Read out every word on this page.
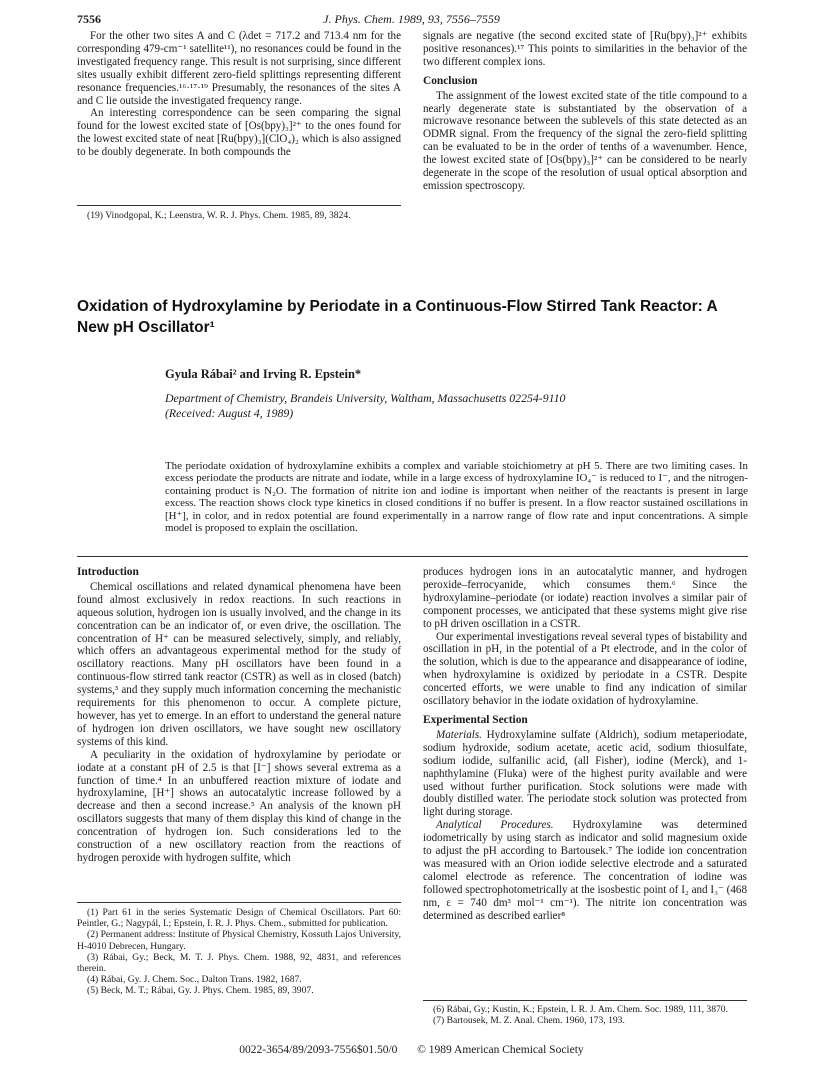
7556	J. Phys. Chem. 1989, 93, 7556–7559

For the other two sites A and C (λdet = 717.2 and 713.4 nm for the corresponding 479-cm⁻¹ satellite¹¹), no resonances could be found in the investigated frequency range. This result is not surprising, since different sites usually exhibit different zero-field splittings representing different resonance frequencies.¹⁶·¹⁷·¹⁹ Presumably, the resonances of the sites A and C lie outside the investigated frequency range.

An interesting correspondence can be seen comparing the signal found for the lowest excited state of [Os(bpy)₃]²⁺ to the ones found for the lowest excited state of neat [Ru(bpy)₃](ClO₄)₂ which is also assigned to be doubly degenerate. In both compounds the

(19) Vinodgopal, K.; Leenstra, W. R. J. Phys. Chem. 1985, 89, 3824.

signals are negative (the second excited state of [Ru(bpy)₃]²⁺ exhibits positive resonances).¹⁷ This points to similarities in the behavior of the two different complex ions.

Conclusion

The assignment of the lowest excited state of the title compound to a nearly degenerate state is substantiated by the observation of a microwave resonance between the sublevels of this state detected as an ODMR signal. From the frequency of the signal the zero-field splitting can be evaluated to be in the order of tenths of a wavenumber. Hence, the lowest excited state of [Os(bpy)₃]²⁺ can be considered to be nearly degenerate in the scope of the resolution of usual optical absorption and emission spectroscopy.

Oxidation of Hydroxylamine by Periodate in a Continuous-Flow Stirred Tank Reactor: A
New pH Oscillator¹
Gyula Rábai² and Irving R. Epstein*
Department of Chemistry, Brandeis University, Waltham, Massachusetts 02254-9110
(Received: August 4, 1989)

The periodate oxidation of hydroxylamine exhibits a complex and variable stoichiometry at pH 5. There are two limiting cases. In excess periodate the products are nitrate and iodate, while in a large excess of hydroxylamine IO₄⁻ is reduced to I⁻, and the nitrogen-containing product is N₂O. The formation of nitrite ion and iodine is important when neither of the reactants is present in large excess. The reaction shows clock type kinetics in closed conditions if no buffer is present. In a flow reactor sustained oscillations in [H⁺], in color, and in redox potential are found experimentally in a narrow range of flow rate and input concentrations. A simple model is proposed to explain the oscillation.

Introduction

Chemical oscillations and related dynamical phenomena have been found almost exclusively in redox reactions. In such reactions in aqueous solution, hydrogen ion is usually involved, and the change in its concentration can be an indicator of, or even drive, the oscillation. The concentration of H⁺ can be measured selectively, simply, and reliably, which offers an advantageous experimental method for the study of oscillatory reactions. Many pH oscillators have been found in a continuous-flow stirred tank reactor (CSTR) as well as in closed (batch) systems,³ and they supply much information concerning the mechanistic requirements for this phenomenon to occur. A complete picture, however, has yet to emerge. In an effort to understand the general nature of hydrogen ion driven oscillators, we have sought new oscillatory systems of this kind.

A peculiarity in the oxidation of hydroxylamine by periodate or iodate at a constant pH of 2.5 is that [I⁻] shows several extrema as a function of time.⁴ In an unbuffered reaction mixture of iodate and hydroxylamine, [H⁺] shows an autocatalytic increase followed by a decrease and then a second increase.⁵ An analysis of the known pH oscillators suggests that many of them display this kind of change in the concentration of hydrogen ion. Such considerations led to the construction of a new oscillatory reaction from the reactions of hydrogen peroxide with hydrogen sulfite, which

(1) Part 61 in the series Systematic Design of Chemical Oscillators. Part 60: Peintler, G.; Nagypál, I.; Epstein, I. R. J. Phys. Chem., submitted for publication.

(2) Permanent address: Institute of Physical Chemistry, Kossuth Lajos University, H-4010 Debrecen, Hungary.

(3) Rábai, Gy.; Beck, M. T. J. Phys. Chem. 1988, 92, 4831, and references therein.

(4) Rábai, Gy. J. Chem. Soc., Dalton Trans. 1982, 1687.

(5) Beck, M. T.; Rábai, Gy. J. Phys. Chem. 1985, 89, 3907.

produces hydrogen ions in an autocatalytic manner, and hydrogen peroxide–ferrocyanide, which consumes them.⁶ Since the hydroxylamine–periodate (or iodate) reaction involves a similar pair of component processes, we anticipated that these systems might give rise to pH driven oscillation in a CSTR.

Our experimental investigations reveal several types of bistability and oscillation in pH, in the potential of a Pt electrode, and in the color of the solution, which is due to the appearance and disappearance of iodine, when hydroxylamine is oxidized by periodate in a CSTR. Despite concerted efforts, we were unable to find any indication of similar oscillatory behavior in the iodate oxidation of hydroxylamine.

Experimental Section

Materials. Hydroxylamine sulfate (Aldrich), sodium metaperiodate, sodium hydroxide, sodium acetate, acetic acid, sodium thiosulfate, sodium iodide, sulfanilic acid, (all Fisher), iodine (Merck), and 1-naphthylamine (Fluka) were of the highest purity available and were used without further purification. Stock solutions were made with doubly distilled water. The periodate stock solution was protected from light during storage.

Analytical Procedures. Hydroxylamine was determined iodometrically by using starch as indicator and solid magnesium oxide to adjust the pH according to Bartousek.⁷ The iodide ion concentration was measured with an Orion iodide selective electrode and a saturated calomel electrode as reference. The concentration of iodine was followed spectrophotometrically at the isosbestic point of I₂ and I₃⁻ (468 nm, ε = 740 dm³ mol⁻¹ cm⁻¹). The nitrite ion concentration was determined as described earlier⁸

(6) Rábai, Gy.; Kustin, K.; Epstein, I. R. J. Am. Chem. Soc. 1989, 111, 3870.

(7) Bartousek, M. Z. Anal. Chem. 1960, 173, 193.

0022-3654/89/2093-7556$01.50/0 © 1989 American Chemical Society
